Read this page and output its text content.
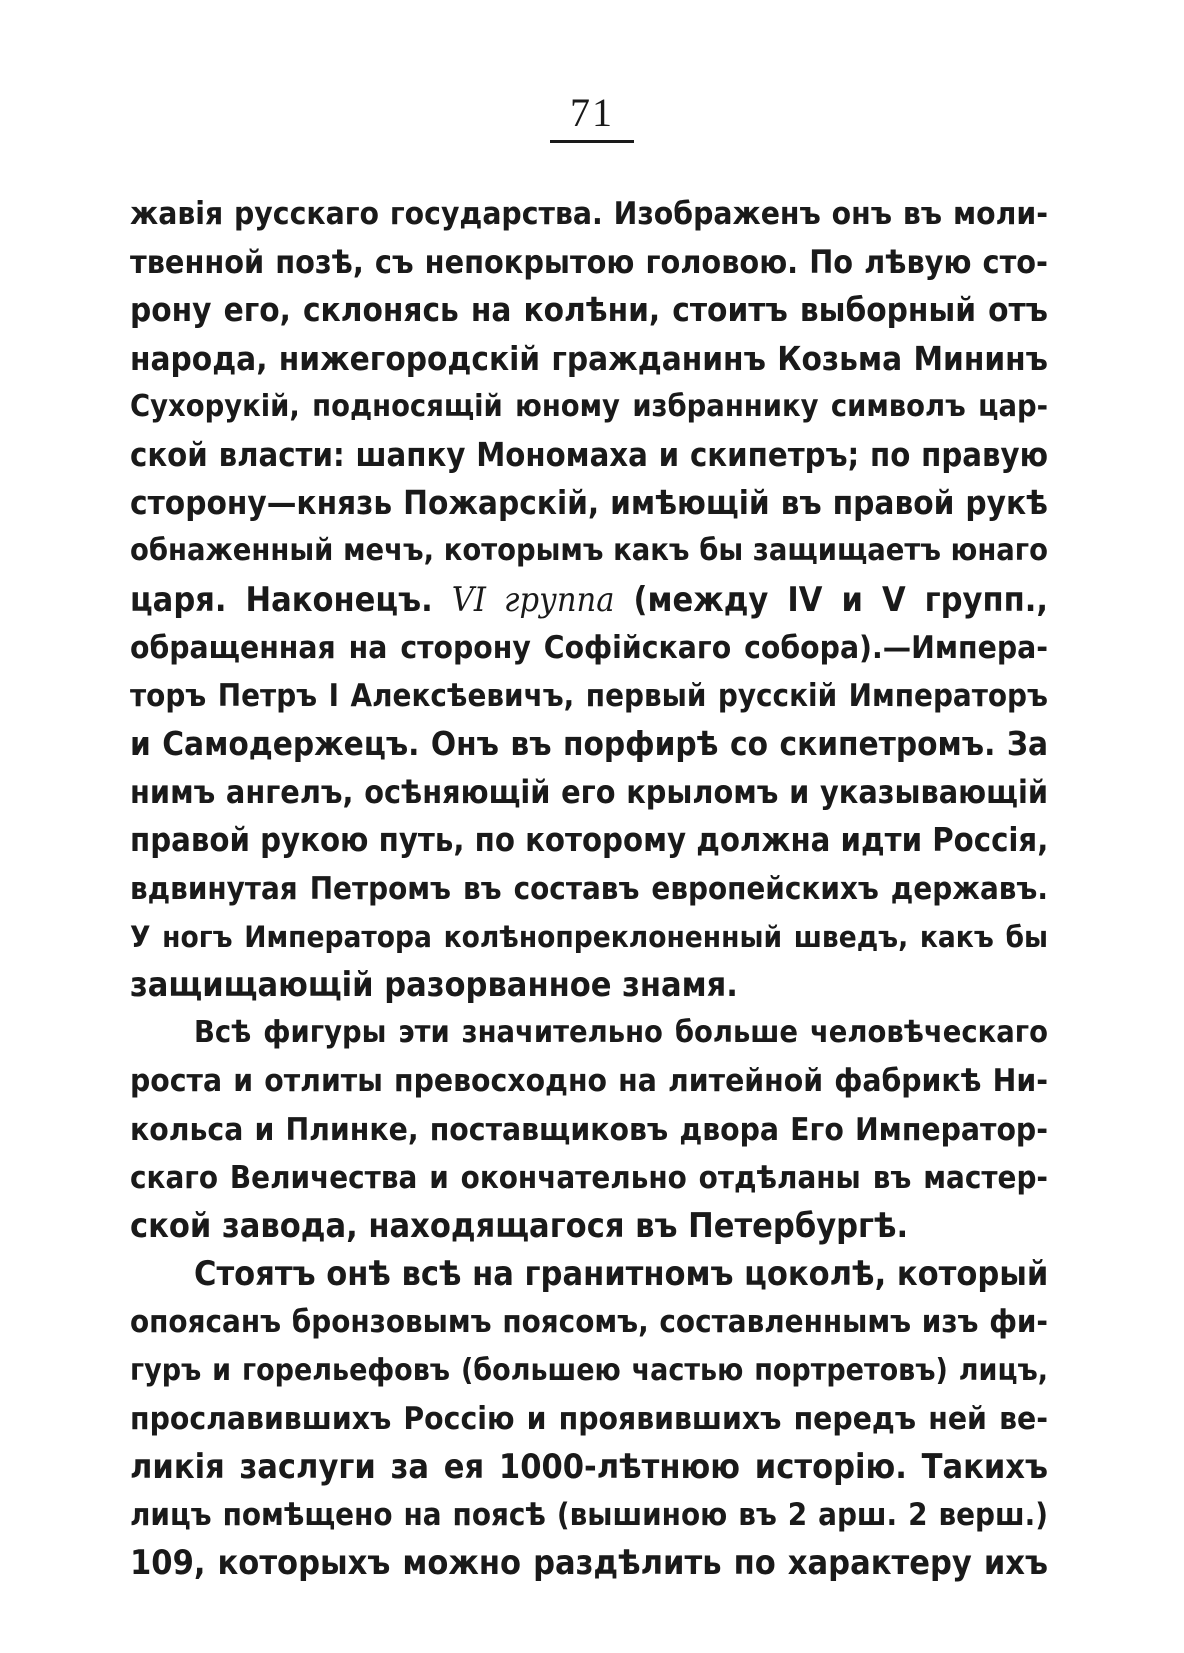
71
жавія русскаго государства. Изображенъ онъ въ моли-
твенной позѣ, съ непокрытою головою. По лѣвую сто-
рону его, склонясь на колѣни, стоитъ выборный отъ
народа, нижегородскій гражданинъ Козьма Мининъ
Сухорукій, подносящій юному избраннику символъ цар-
ской власти: шапку Мономаха и скипетръ; по правую
сторону—князь Пожарскій, имѣющій въ правой рукѣ
обнаженный мечъ, которымъ какъ бы защищаетъ юнаго
царя. Наконецъ. VI группа (между IV и V групп.,
обращенная на сторону Софійскаго собора).—Импера-
торъ Петръ I Алексѣевичъ, первый русскій Императоръ
и Самодержецъ. Онъ въ порфирѣ со скипетромъ. За
нимъ ангелъ, осѣняющій его крыломъ и указывающій
правой рукою путь, по которому должна идти Россія,
вдвинутая Петромъ въ составъ европейскихъ державъ.
У ногъ Императора колѣнопреклоненный шведъ, какъ бы
защищающій разорванное знамя.
Всѣ фигуры эти значительно больше человѣческаго
роста и отлиты превосходно на литейной фабрикѣ Ни-
кольса и Плинке, поставщиковъ двора Его Император-
скаго Величества и окончательно отдѣланы въ мастер-
ской завода, находящагося въ Петербургѣ.
Стоятъ онѣ всѣ на гранитномъ цоколѣ, который
опоясанъ бронзовымъ поясомъ, составленнымъ изъ фи-
гуръ и горельефовъ (большею частью портретовъ) лицъ,
прославившихъ Россію и проявившихъ передъ ней ве-
ликія заслуги за ея 1000-лѣтнюю исторію. Такихъ
лицъ помѣщено на поясѣ (вышиною въ 2 арш. 2 верш.)
109, которыхъ можно раздѣлить по характеру ихъ
